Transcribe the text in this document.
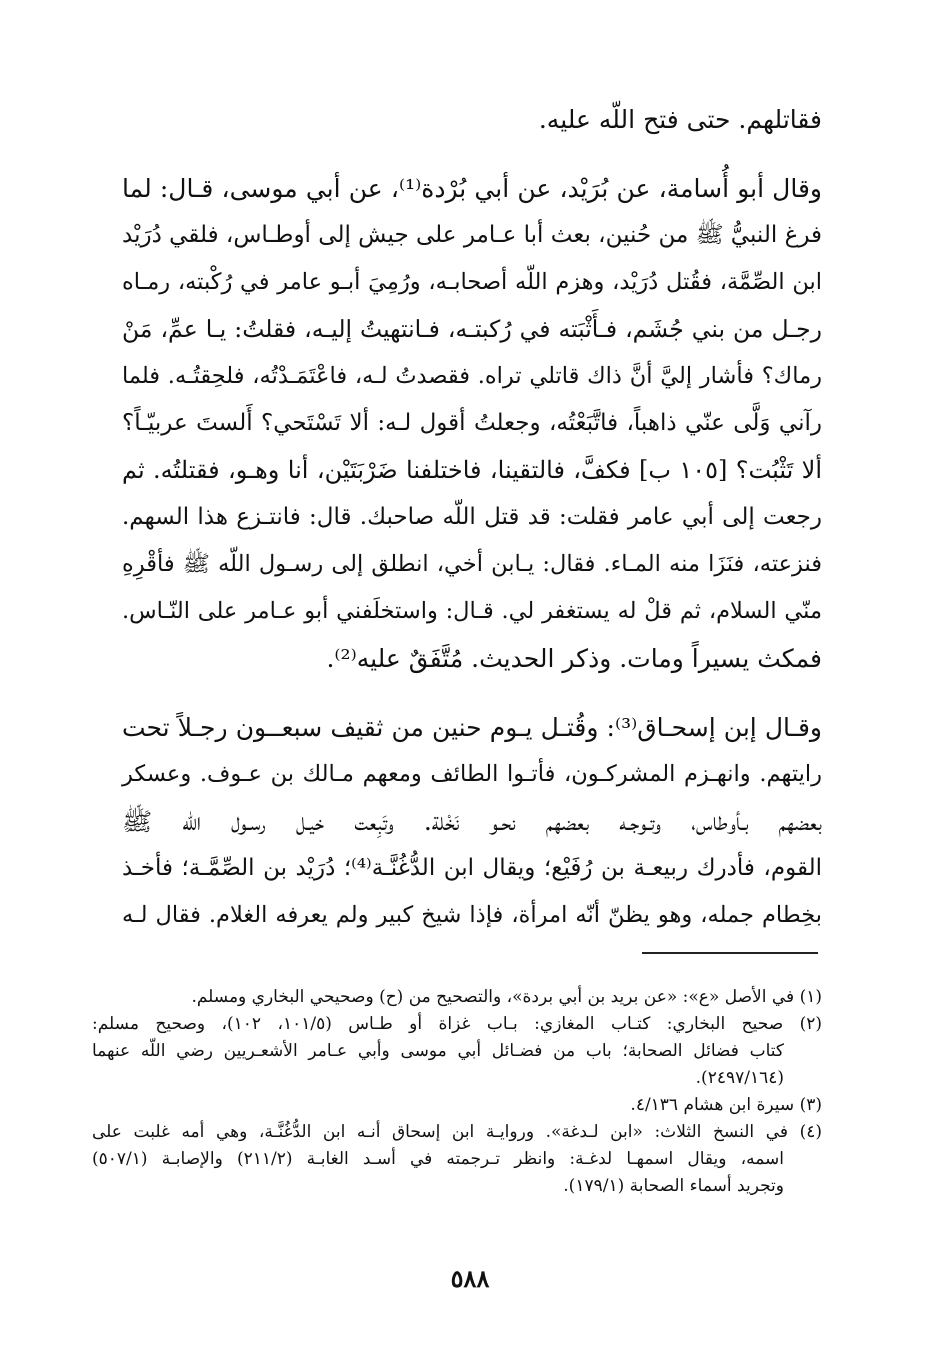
فقاتلهم. حتى فتح اللّه عليه.
وقال أبو أُسامة، عن بُرَيْد، عن أبي بُرْدة⁽¹⁾، عن أبي موسى، قـال: لما
فرغ النبيُّ ﷺ من حُنين، بعث أبا عـامر على جيش إلى أوطـاس، فلقي دُرَيْد
ابن الصِّمَّة، فقُتل دُرَيْد، وهزم اللّه أصحابـه، ورُمِيَ أبـو عامر في رُكْبته، رمـاه
رجـل من بني جُشَم، فـأَثْبَته في رُكبتـه، فـانتهيتُ إليـه، فقلتُ: يـا عمِّ، مَنْ
رماك؟ فأشار إليَّ أنَّ ذاك قاتلي تراه. فقصدتُ لـه، فاعْتَمَـدْتُه، فلحِقتُـه. فلما
رآني وَلَّى عنّي ذاهباً، فاتَّبَعْتُه، وجعلتُ أقول لـه: ألا تَسْتَحي؟ أَلستَ عربيّـاً؟
ألا تَثْبُت؟ [١٠٥ ب] فكفَّ، فالتقينا، فاختلفنا ضَرْبَتَيْن، أنا وهـو، فقتلتُه. ثم
رجعت إلى أبي عامر فقلت: قد قتل اللّه صاحبك. قال: فانتـزع هذا السهم.
فنزعته، فنَزَا منه المـاء. فقال: يـابن أخي، انطلق إلى رسـول اللّه ﷺ فأقْرِهِ
منّي السلام، ثم قلْ له يستغفر لي. قـال: واستخلَفني أبو عـامر على النّـاس.
فمكث يسيراً ومات. وذكر الحديث. مُتَّفَقٌ عليه⁽²⁾.
وقـال إبن إسحـاق⁽³⁾: وقُتـل يـوم حنين من ثقيف سبعــون رجـلاً تحت
رايتهم. وانهـزم المشركـون، فأتـوا الطائف ومعهم مـالك بن عـوف. وعسكر
بعضهم بـأوطاس، وتـوجـه بعضهم نحـو نَخْلة. وتَبِعت خيـل رسـول اللّه ﷺ
القوم، فأدرك ربيعـة بن رُفَيْع؛ ويقال ابن الدُّغُنَّـة⁽⁴⁾؛ دُرَيْد بن الصِّمَّـة؛ فأخـذ
بخِطام جمله، وهو يظنّ أنّه امرأة، فإذا شيخ كبير ولم يعرفه الغلام. فقال لـه
(١) في الأصل «ع»: «عن بريد بن أبي بردة»، والتصحيح من (ح) وصحيحي البخاري ومسلم.
(٢) صحيح البخاري: كتـاب المغازي: بـاب غزاة أو طـاس (١٠١/٥، ١٠٢)، وصحيح مسلم:
كتاب فضائل الصحابة؛ باب من فضـائل أبي موسى وأبي عـامر الأشعـريين رضي اللّه عنهما
(٢٤٩٧/١٦٤).
(٣) سيرة ابن هشام ٤/١٣٦.
(٤) في النسخ الثلاث: «ابن لـدغة». وروايـة ابن إسحاق أنـه ابن الدُّغُنَّـة، وهي أمه غلبت على
اسمه، ويقال اسمهـا لدغـة: وانظر تـرجمته في أسـد الغابـة (٢١١/٢) والإصابـة (٥٠٧/١)
وتجريد أسماء الصحابة (١٧٩/١).
٥٨٨
